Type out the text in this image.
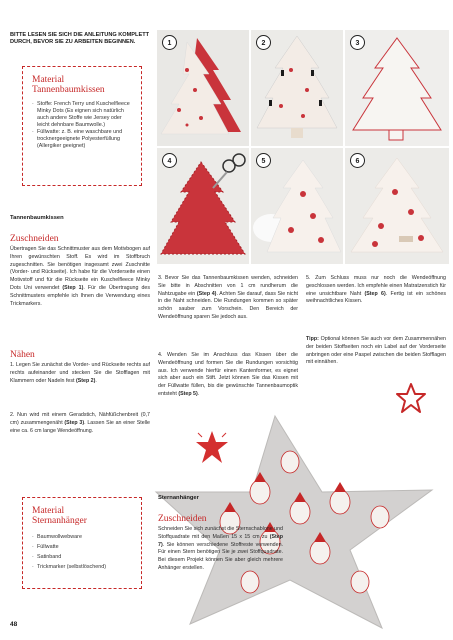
BITTE LESEN SIE SICH DIE ANLEITUNG KOMPLETT DURCH, BEVOR SIE ZU ARBEITEN BEGINNEN.
Material
Tannenbaumkissen
· Stoffe: French Terry und Kuschelfleece Minky Dots (Es eignen sich natürlich auch andere Stoffe wie Jersey oder leicht dehnbare Baumwolle.)
· Füllwatte: z. B. eine waschbare und trocknergeeignete Polyesterfüllung (Allergiker geeignet)
1	2	3
4	5	6
Tannenbaumkissen
Zuschneiden
Übertragen Sie das Schnittmuster aus dem Motivbogen auf Ihren gewünschten Stoff. Es wird im Stoffbruch zugeschnitten. Sie benötigen insgesamt zwei Zuschnitte (Vorder- und Rückseite). Ich habe für die Vorderseite einen Motivstoff und für die Rückseite ein Kuschelfleece Minky Dots Uni verwendet (Step 1). Für die Übertragung des Schnittmusters empfehle ich Ihnen die Verwendung eines Trickmarkers.
Nähen
1. Legen Sie zunächst die Vorder- und Rückseite rechts auf rechts aufeinander und stecken Sie die Stofflagen mit Klammern oder Nadeln fest (Step 2).
2. Nun wird mit einem Geradstich, Nähfüßchenbreit (0,7 cm) zusammengenäht (Step 3). Lassen Sie an einer Stelle eine ca. 6 cm lange Wendeöffnung.
3. Bevor Sie das Tannenbaumkissen wenden, schneiden Sie bitte in Abschnitten von 1 cm rundherum die Nahtzugabe ein (Step 4). Achten Sie darauf, dass Sie nicht in die Naht schneiden. Die Rundungen kommen so später schön sauber zum Vorschein. Den Bereich der Wendeöffnung sparen Sie jedoch aus.
4. Wenden Sie im Anschluss das Kissen über die Wendeöffnung und formen Sie die Rundungen vorsichtig aus. Ich verwende hierfür einen Kantenformer, es eignet sich aber auch ein Stift. Jetzt können Sie das Kissen mit der Füllwatte füllen, bis die gewünschte Tannenbaumoptik entsteht (Step 5).
5. Zum Schluss muss nur noch die Wendeöffnung geschlossen werden. Ich empfehle einen Matratzenstich für eine unsichtbare Naht (Step 6). Fertig ist ein schönes weihnachtliches Kissen.
Tipp: Optional können Sie auch vor dem Zusammennähen der beiden Stoffseiten noch ein Label auf der Vorderseite anbringen oder eine Paspel zwischen die beiden Stofflagen mit einnähen.
Material
Sternanhänger
· Baumwollwebware
· Füllwatte
· Satinband
· Trickmarker (selbstlöschend)
Sternanhänger
Zuschneiden
Schneiden Sie sich zunächst die Sternschablone und Stoffquadrate mit den Maßen 15 x 15 cm zu (Step 7). Sie können verschiedene Stoffreste verwenden. Für einen Stern benötigen Sie je zwei Stoffquadrate. Bei diesem Projekt können Sie aber gleich mehrere Anhänger erstellen.
48
